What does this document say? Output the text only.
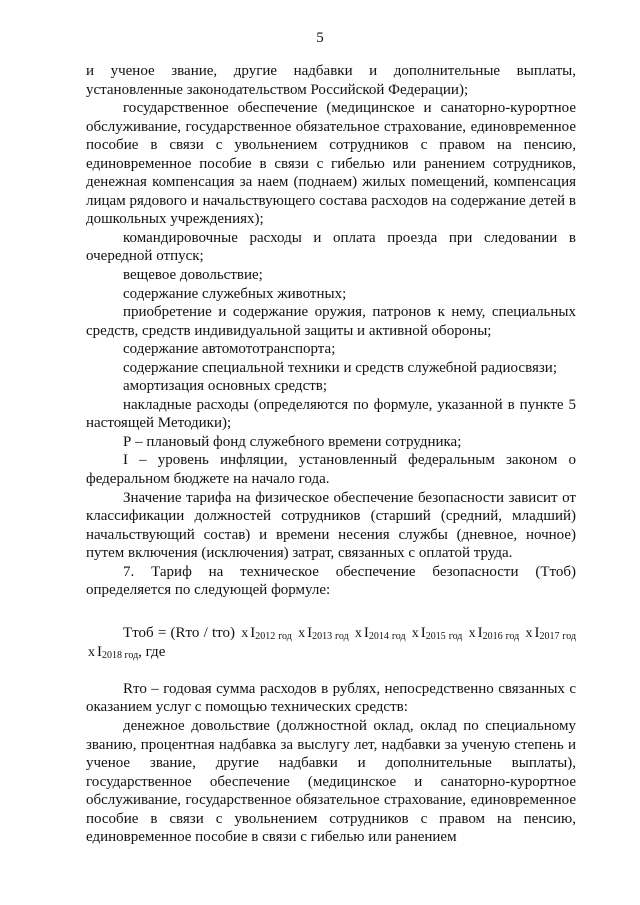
5

и ученое звание, другие надбавки и дополнительные выплаты, установленные законодательством Российской Федерации);

государственное обеспечение (медицинское и санаторно-курортное обслуживание, государственное обязательное страхование, единовременное пособие в связи с увольнением сотрудников с правом на пенсию, единовременное пособие в связи с гибелью или ранением сотрудников, денежная компенсация за наем (поднаем) жилых помещений, компенсация лицам рядового и начальствующего состава расходов на содержание детей в дошкольных учреждениях);

командировочные расходы и оплата проезда при следовании в очередной отпуск;

вещевое довольствие;

содержание служебных животных;

приобретение и содержание оружия, патронов к нему, специальных средств, средств индивидуальной защиты и активной обороны;

содержание автомототранспорта;

содержание специальной техники и средств служебной радиосвязи;

амортизация основных средств;

накладные расходы (определяются по формуле, указанной в пункте 5 настоящей Методики);

Р – плановый фонд служебного времени сотрудника;

I – уровень инфляции, установленный федеральным законом о федеральном бюджете на начало года.

Значение тарифа на физическое обеспечение безопасности зависит от классификации должностей сотрудников (старший (средний, младший) начальствующий состав) и времени несения службы (дневное, ночное) путем включения (исключения) затрат, связанных с оплатой труда.

7. Тариф на техническое обеспечение безопасности (Ттоб) определяется по следующей формуле:

Ттоб = (Rто / tто) х $I_{2012 год}$ х $I_{2013 год}$ х $I_{2014 год}$ х $I_{2015 год}$ х $I_{2016 год}$ х $I_{2017 год}$ х $I_{2018 год}$, где

Rто – годовая сумма расходов в рублях, непосредственно связанных с оказанием услуг с помощью технических средств:

денежное довольствие (должностной оклад, оклад по специальному званию, процентная надбавка за выслугу лет, надбавки за ученую степень и ученое звание, другие надбавки и дополнительные выплаты), государственное обеспечение (медицинское и санаторно-курортное обслуживание, государственное обязательное страхование, единовременное пособие в связи с увольнением сотрудников с правом на пенсию, единовременное пособие в связи с гибелью или ранением
